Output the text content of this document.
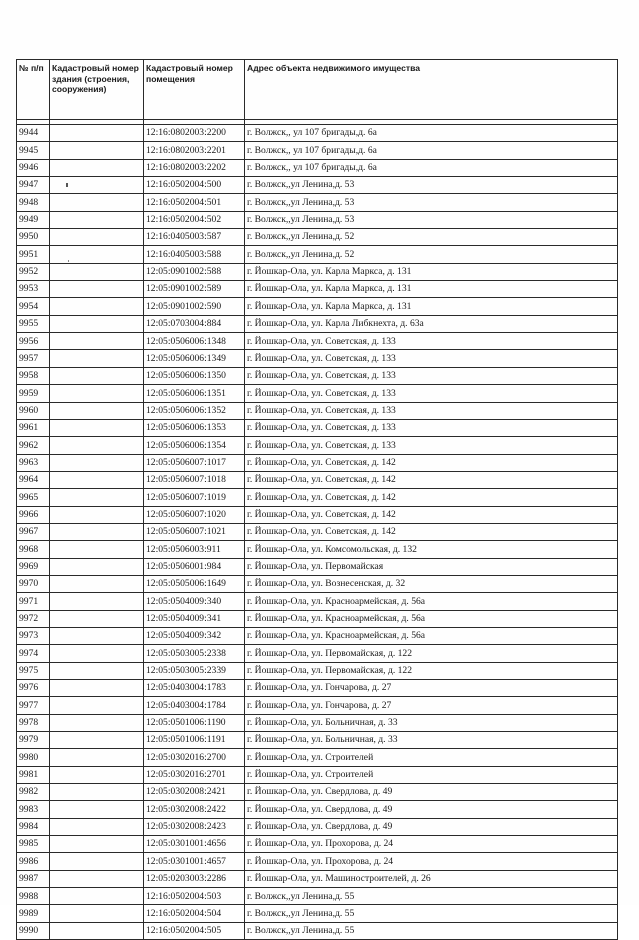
№ п/п	Кадастровый номер здания (строения, сооружения)	Кадастровый номер помещения	Адрес объекта недвижимого имущества

9944		12:16:0802003:2200	г. Волжск,, ул 107 бригады,д. 6а
9945		12:16:0802003:2201	г. Волжск,, ул 107 бригады,д. 6а
9946		12:16:0802003:2202	г. Волжск,, ул 107 бригады,д. 6а
9947		12:16:0502004:500	г. Волжск,,ул Ленина,д. 53
9948		12:16:0502004:501	г. Волжск,,ул Ленина,д. 53
9949		12:16:0502004:502	г. Волжск,,ул Ленина,д. 53
9950		12:16:0405003:587	г. Волжск,,ул Ленина,д. 52
9951		12:16:0405003:588	г. Волжск,,ул Ленина,д. 52
9952		12:05:0901002:588	г. Йошкар-Ола, ул. Карла Маркса, д. 131
9953		12:05:0901002:589	г. Йошкар-Ола, ул. Карла Маркса, д. 131
9954		12:05:0901002:590	г. Йошкар-Ола, ул. Карла Маркса, д. 131
9955		12:05:0703004:884	г. Йошкар-Ола, ул. Карла Либкнехта, д. 63а
9956		12:05:0506006:1348	г. Йошкар-Ола, ул. Советская, д. 133
9957		12:05:0506006:1349	г. Йошкар-Ола, ул. Советская, д. 133
9958		12:05:0506006:1350	г. Йошкар-Ола, ул. Советская, д. 133
9959		12:05:0506006:1351	г. Йошкар-Ола, ул. Советская, д. 133
9960		12:05:0506006:1352	г. Йошкар-Ола, ул. Советская, д. 133
9961		12:05:0506006:1353	г. Йошкар-Ола, ул. Советская, д. 133
9962		12:05:0506006:1354	г. Йошкар-Ола, ул. Советская, д. 133
9963		12:05:0506007:1017	г. Йошкар-Ола, ул. Советская, д. 142
9964		12:05:0506007:1018	г. Йошкар-Ола, ул. Советская, д. 142
9965		12:05:0506007:1019	г. Йошкар-Ола, ул. Советская, д. 142
9966		12:05:0506007:1020	г. Йошкар-Ола, ул. Советская, д. 142
9967		12:05:0506007:1021	г. Йошкар-Ола, ул. Советская, д. 142
9968		12:05:0506003:911	г. Йошкар-Ола, ул. Комсомольская, д. 132
9969		12:05:0506001:984	г. Йошкар-Ола, ул. Первомайская
9970		12:05:0505006:1649	г. Йошкар-Ола, ул. Вознесенская, д. 32
9971		12:05:0504009:340	г. Йошкар-Ола, ул. Красноармейская, д. 56а
9972		12:05:0504009:341	г. Йошкар-Ола, ул. Красноармейская, д. 56а
9973		12:05:0504009:342	г. Йошкар-Ола, ул. Красноармейская, д. 56а
9974		12:05:0503005:2338	г. Йошкар-Ола, ул. Первомайская, д. 122
9975		12:05:0503005:2339	г. Йошкар-Ола, ул. Первомайская, д. 122
9976		12:05:0403004:1783	г. Йошкар-Ола, ул. Гончарова, д. 27
9977		12:05:0403004:1784	г. Йошкар-Ола, ул. Гончарова, д. 27
9978		12:05:0501006:1190	г. Йошкар-Ола, ул. Больничная, д. 33
9979		12:05:0501006:1191	г. Йошкар-Ола, ул. Больничная, д. 33
9980		12:05:0302016:2700	г. Йошкар-Ола, ул. Строителей
9981		12:05:0302016:2701	г. Йошкар-Ола, ул. Строителей
9982		12:05:0302008:2421	г. Йошкар-Ола, ул. Свердлова, д. 49
9983		12:05:0302008:2422	г. Йошкар-Ола, ул. Свердлова, д. 49
9984		12:05:0302008:2423	г. Йошкар-Ола, ул. Свердлова, д. 49
9985		12:05:0301001:4656	г. Йошкар-Ола, ул. Прохорова, д. 24
9986		12:05:0301001:4657	г. Йошкар-Ола, ул. Прохорова, д. 24
9987		12:05:0203003:2286	г. Йошкар-Ола, ул. Машиностроителей, д. 26
9988		12:16:0502004:503	г. Волжск,,ул Ленина,д. 55
9989		12:16:0502004:504	г. Волжск,,ул Ленина,д. 55
9990		12:16:0502004:505	г. Волжск,,ул Ленина,д. 55
